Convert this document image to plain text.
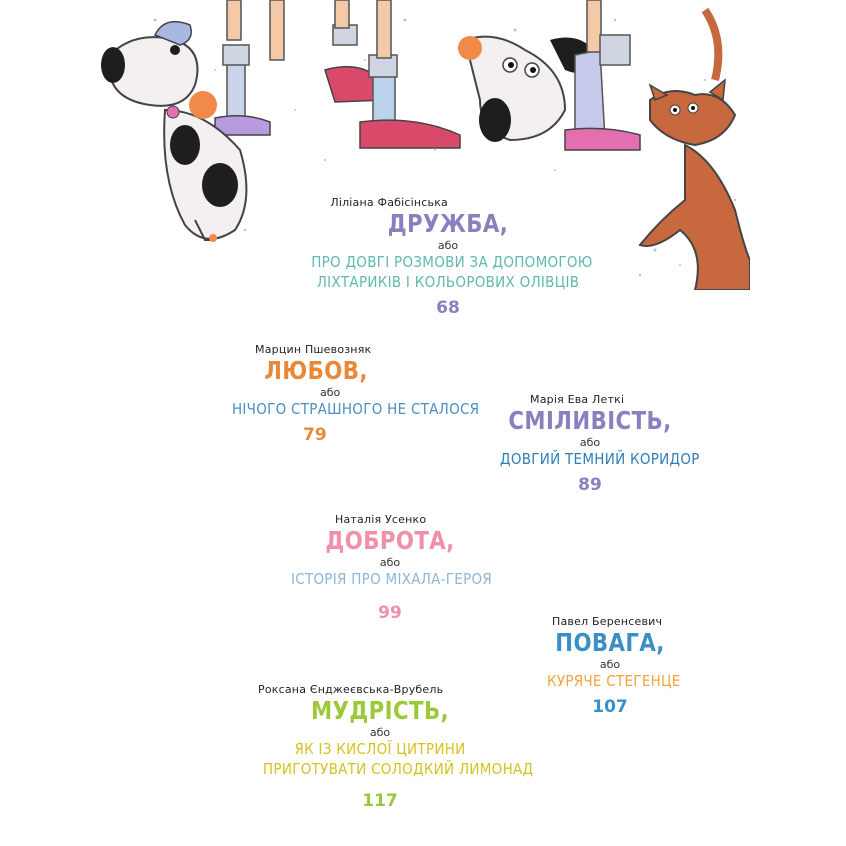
Ліліана Фабісінська
ДРУЖБА,
або
ПРО ДОВГІ РОЗМОВИ ЗА ДОПОМОГОЮ
ЛІХТАРИКІВ І КОЛЬОРОВИХ ОЛІВЦІВ
68
Марцин Пшевозняк
ЛЮБОВ,
або
НІЧОГО СТРАШНОГО НЕ СТАЛОСЯ
79
Марія Ева Леткі
СМІЛИВІСТЬ,
або
ДОВГИЙ ТЕМНИЙ КОРИДОР
89
Наталія Усенко
ДОБРОТА,
або
ІСТОРІЯ ПРО МІХАЛА-ГЕРОЯ
99	Павел Беренсевич
ПОВАГА,
або
КУРЯЧЕ СТЕГЕНЦЕ
107
Роксана Єнджеєвська-Врубель
МУДРІСТЬ,
або
ЯК ІЗ КИСЛОЇ ЦИТРИНИ
ПРИГОТУВАТИ СОЛОДКИЙ ЛИМОНАД
117
